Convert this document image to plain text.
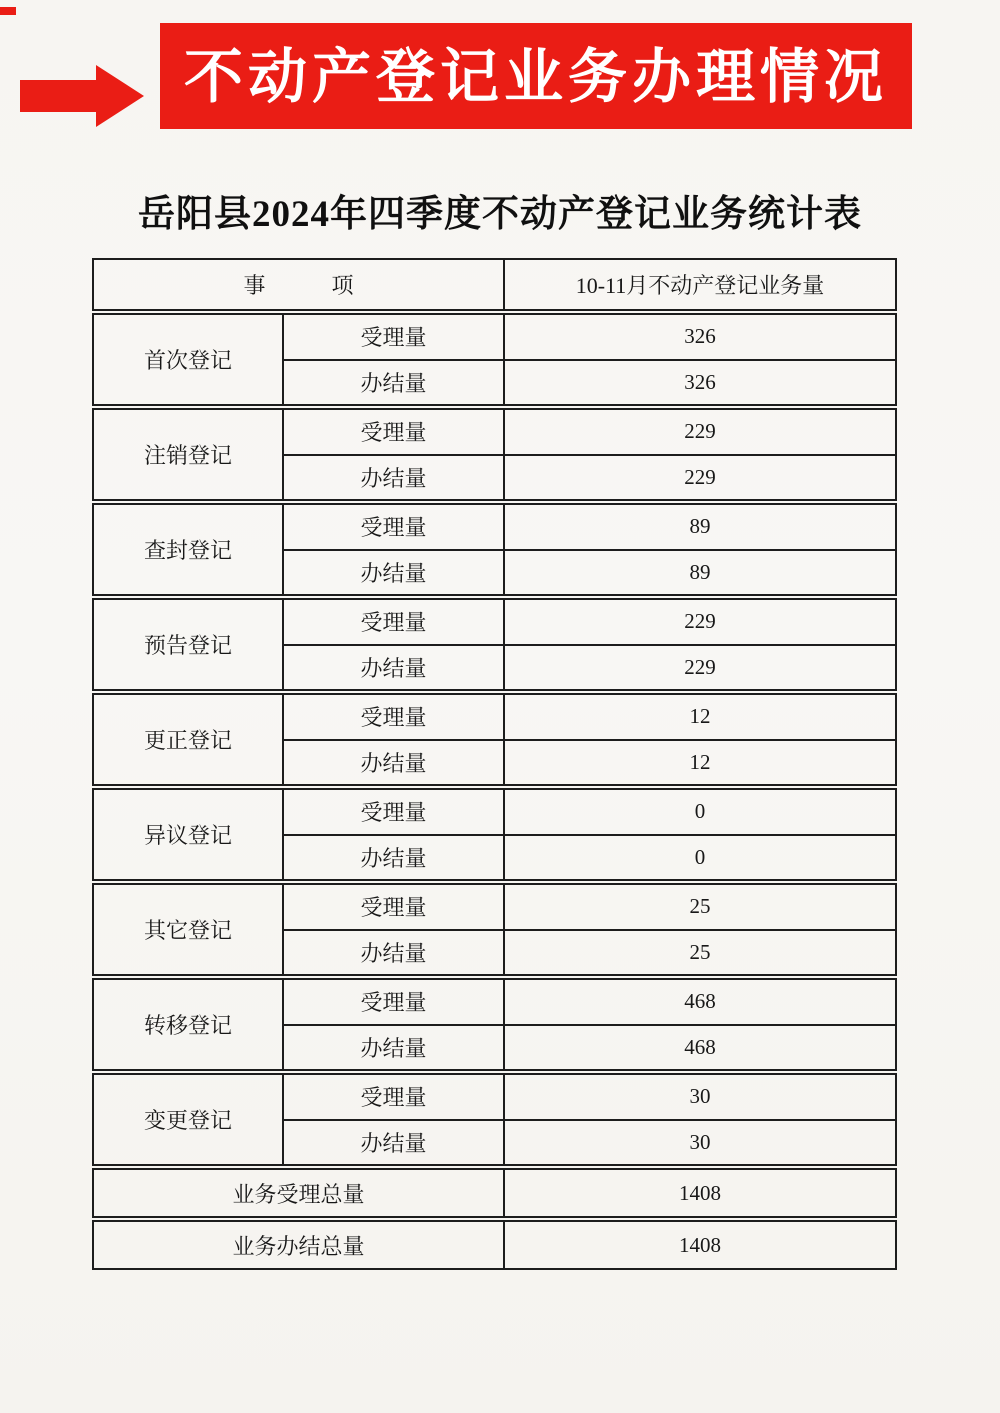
不动产登记业务办理情况
岳阳县2024年四季度不动产登记业务统计表
事　　　项		10-11月不动产登记业务量
首次登记	受理量	326
	办结量	326
注销登记	受理量	229
	办结量	229
查封登记	受理量	89
	办结量	89
预告登记	受理量	229
	办结量	229
更正登记	受理量	12
	办结量	12
异议登记	受理量	0
	办结量	0
其它登记	受理量	25
	办结量	25
转移登记	受理量	468
	办结量	468
变更登记	受理量	30
	办结量	30
业务受理总量		1408
业务办结总量		1408
